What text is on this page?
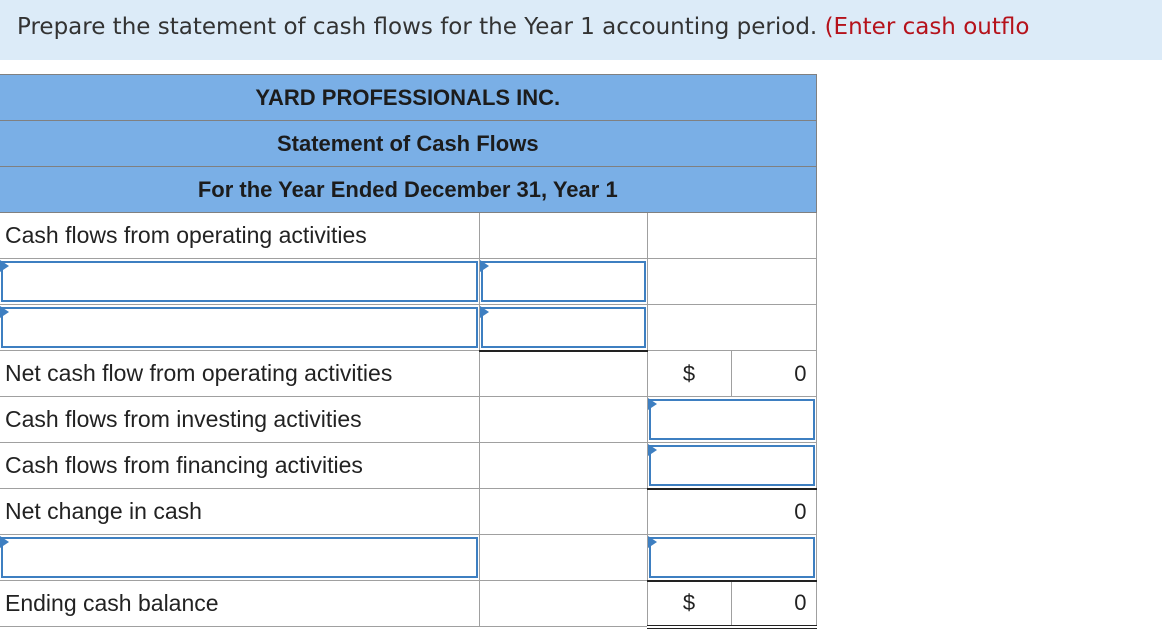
Prepare the statement of cash flows for the Year 1 accounting period. (Enter cash outflo
YARD PROFESSIONALS INC.			
Statement of Cash Flows			
For the Year Ended December 31, Year 1			
Cash flows from operating activities			

Net cash flow from operating activities		$	0
Cash flows from investing activities		

Cash flows from financing activities		

Net change in cash		0	

Ending cash balance		$	0
